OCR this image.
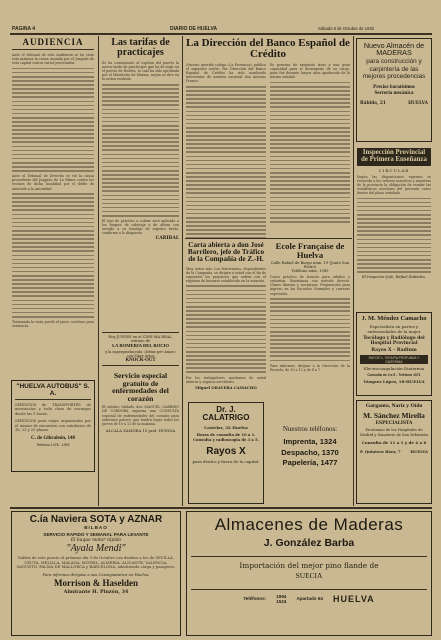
PAGINA 4	DIARIO DE HUELVA	Sábado 8 de Octubre de 1932
AUDIENCIA
Ante el tribunal de esta Audiencia se ha visto esta mañana la causa seguida por el Juzgado de esta capital contra varios procesados.
Ante el Tribunal de Derecho se vió la causa procedente del Juzgado de La Palma contra los vecinos de dicha localidad por el delito de atentado a la Autoridad.
Terminada la vista quedó el juicio concluso para sentencia.
"HUELVA AUTOBUS" S. A.
SERVICIOS de TRANSPORTES de mercancías y toda clase de encargos desde las 9 horas.
SERVICIOS para viajes organizados por el mismo de excursión con autobuses de 16, 23 y 25 plazas.
C. de Gibraleón, 148
Teléfono 1478 - 1993
Las tarifas de practicajes
Se ha comunicado al capitán del puerto la nueva tarifa de practicajes que ha de regir en el puerto de Huelva, la cual ha sido aprobada por el Ministerio de Marina, según se dice en la orden recibida.
El tipo de práctico a cobrar será aplicado a los buques de cabotaje y de altura con arreglo a su tonelaje de registro bruto, conforme a lo dispuesto.
CARIBAL
Hoy JUEVES en el CINE-MA REAL, estreno de
LA ROMERIA DEL ROCIO
y la superproducción «Déme per Amor» con Mary Astor
KNOCK-OUT
Servicio especial gratuito de enfermedades del corazón
El médico titulado don MANUEL GARRIDO DE CORDOBA organiza una CONSULTA especial de enfermedades del corazón para enfermos pobres, que tendrá lugar todos los jueves de 10 a 12 de la mañana.
ALCALA ZAMORA 15 pral. HUELVA
La Dirección del Banco Español de Crédito
Nuestro querido colega «La Provincia» publica el siguiente suelto: Por Dirección del Banco Español de Crédito ha sido nombrado interventor de nuestra sucursal don Antonio Franco.
Es persona de exquisito trato y una gran capacidad para el desempeño de su cargo, pues fué durante largos años apoderado de la misma entidad.
Carta abierta a don José Barrilero, jefe de Tráfico de la Compañía de Z.-H.
Muy señor mío: Los ferroviarios, dependientes de la Compañía, se dirigen a usted con el fin de exponerle los perjuicios que sufren con el régimen de horarios establecido en la estación.
Por los trabajadores quedamos de usted atentos y seguros servidores.
Miguel GRAVERA CAMACHO
Ecole Française de Huelva
Calle Rafael de Burgo núm. 19 (Junto San Pedro)
Teléfono núm. 1589
Curso práctico de francés para adultos y señoritas. Enseñanza con método directo. Clases diurnas y nocturnas. Preparación para ingreso en las Escuelas Normales y carreras especiales.
Para informes, diríjase a la Dirección de la Escuela, de 10 a 12 y de 4 a 7.
Dr. J. CALATRIGO
Castelar, 32 Huelva
Horas de consulta de 10 a 1. Consulta y radioscopia de 3 a 5.
Rayos X
para dentro y fuera de la capital.
Nuestros teléfonos:
Imprenta, 1324
Despacho, 1370
Papelería, 1477
Nuevo Almacén de MADERAS
para construcción y carpintería de las mejores procedencias
Precios baratísimos
Serrería mecánica
Rábida, 21	HUELVA
Inspección Provincial de Primera Enseñanza
CIRCULAR
Según las disposiciones vigentes se recuerda a los señores maestros y maestras de la provincia la obligación de remitir las estadísticas escolares del presente curso dentro del plazo señalado.
El Inspector-Jefe, Rafael Rubiales.
J. M. Méndez Camacho
Especialista en partos y enfermedades de la mujer
Tocólogo y Radiólogo del Hospital Provincial
Rayos X - Radium
RAYOS X, TERAPIA PROFUNDA Y DIATERMIA
Electrocoagulación-Diatermia
Consulta de 2 a 5 - Teléfono 1071
Vázquez López, 18-HUELVA
Garganta, Nariz y Oído
M. Sánchez Mirella
ESPECIALISTA
Ex-alumno de los Hospitales de Madrid y Sanatorio de San Sebastián
Consulta de 11 a 1 y de 4 a 6
P. Quintero Báez, 7	HUELVA
C.ía Naviera SOTA y AZNAR
BILBAO
SERVICIO RAPIDO Y SEMANAL PARA LEVANTE
El buque motor rápido
"Ayala Mendi"
Saldrá de este puerto el próximo día 9 de Octubre con destino a los de SEVILLA, CEUTA, MELILLA, MALAGA, MOTRIL, ALMERIA, ALICANTE, VALENCIA, SAGUNTO, PALMA DE MALLORCA y BARCELONA, admitiendo carga y pasajeros.
Para informes dirígase a sus Consignatarios en Huelva:
Morrison & Haselden
Almirante H. Pinzón, 34
Almacenes de Maderas
J. González Barba
Importación del mejor pino flande de
SUECIA
Teléfonos: 1994
1524 Apartado 64 HUELVA
